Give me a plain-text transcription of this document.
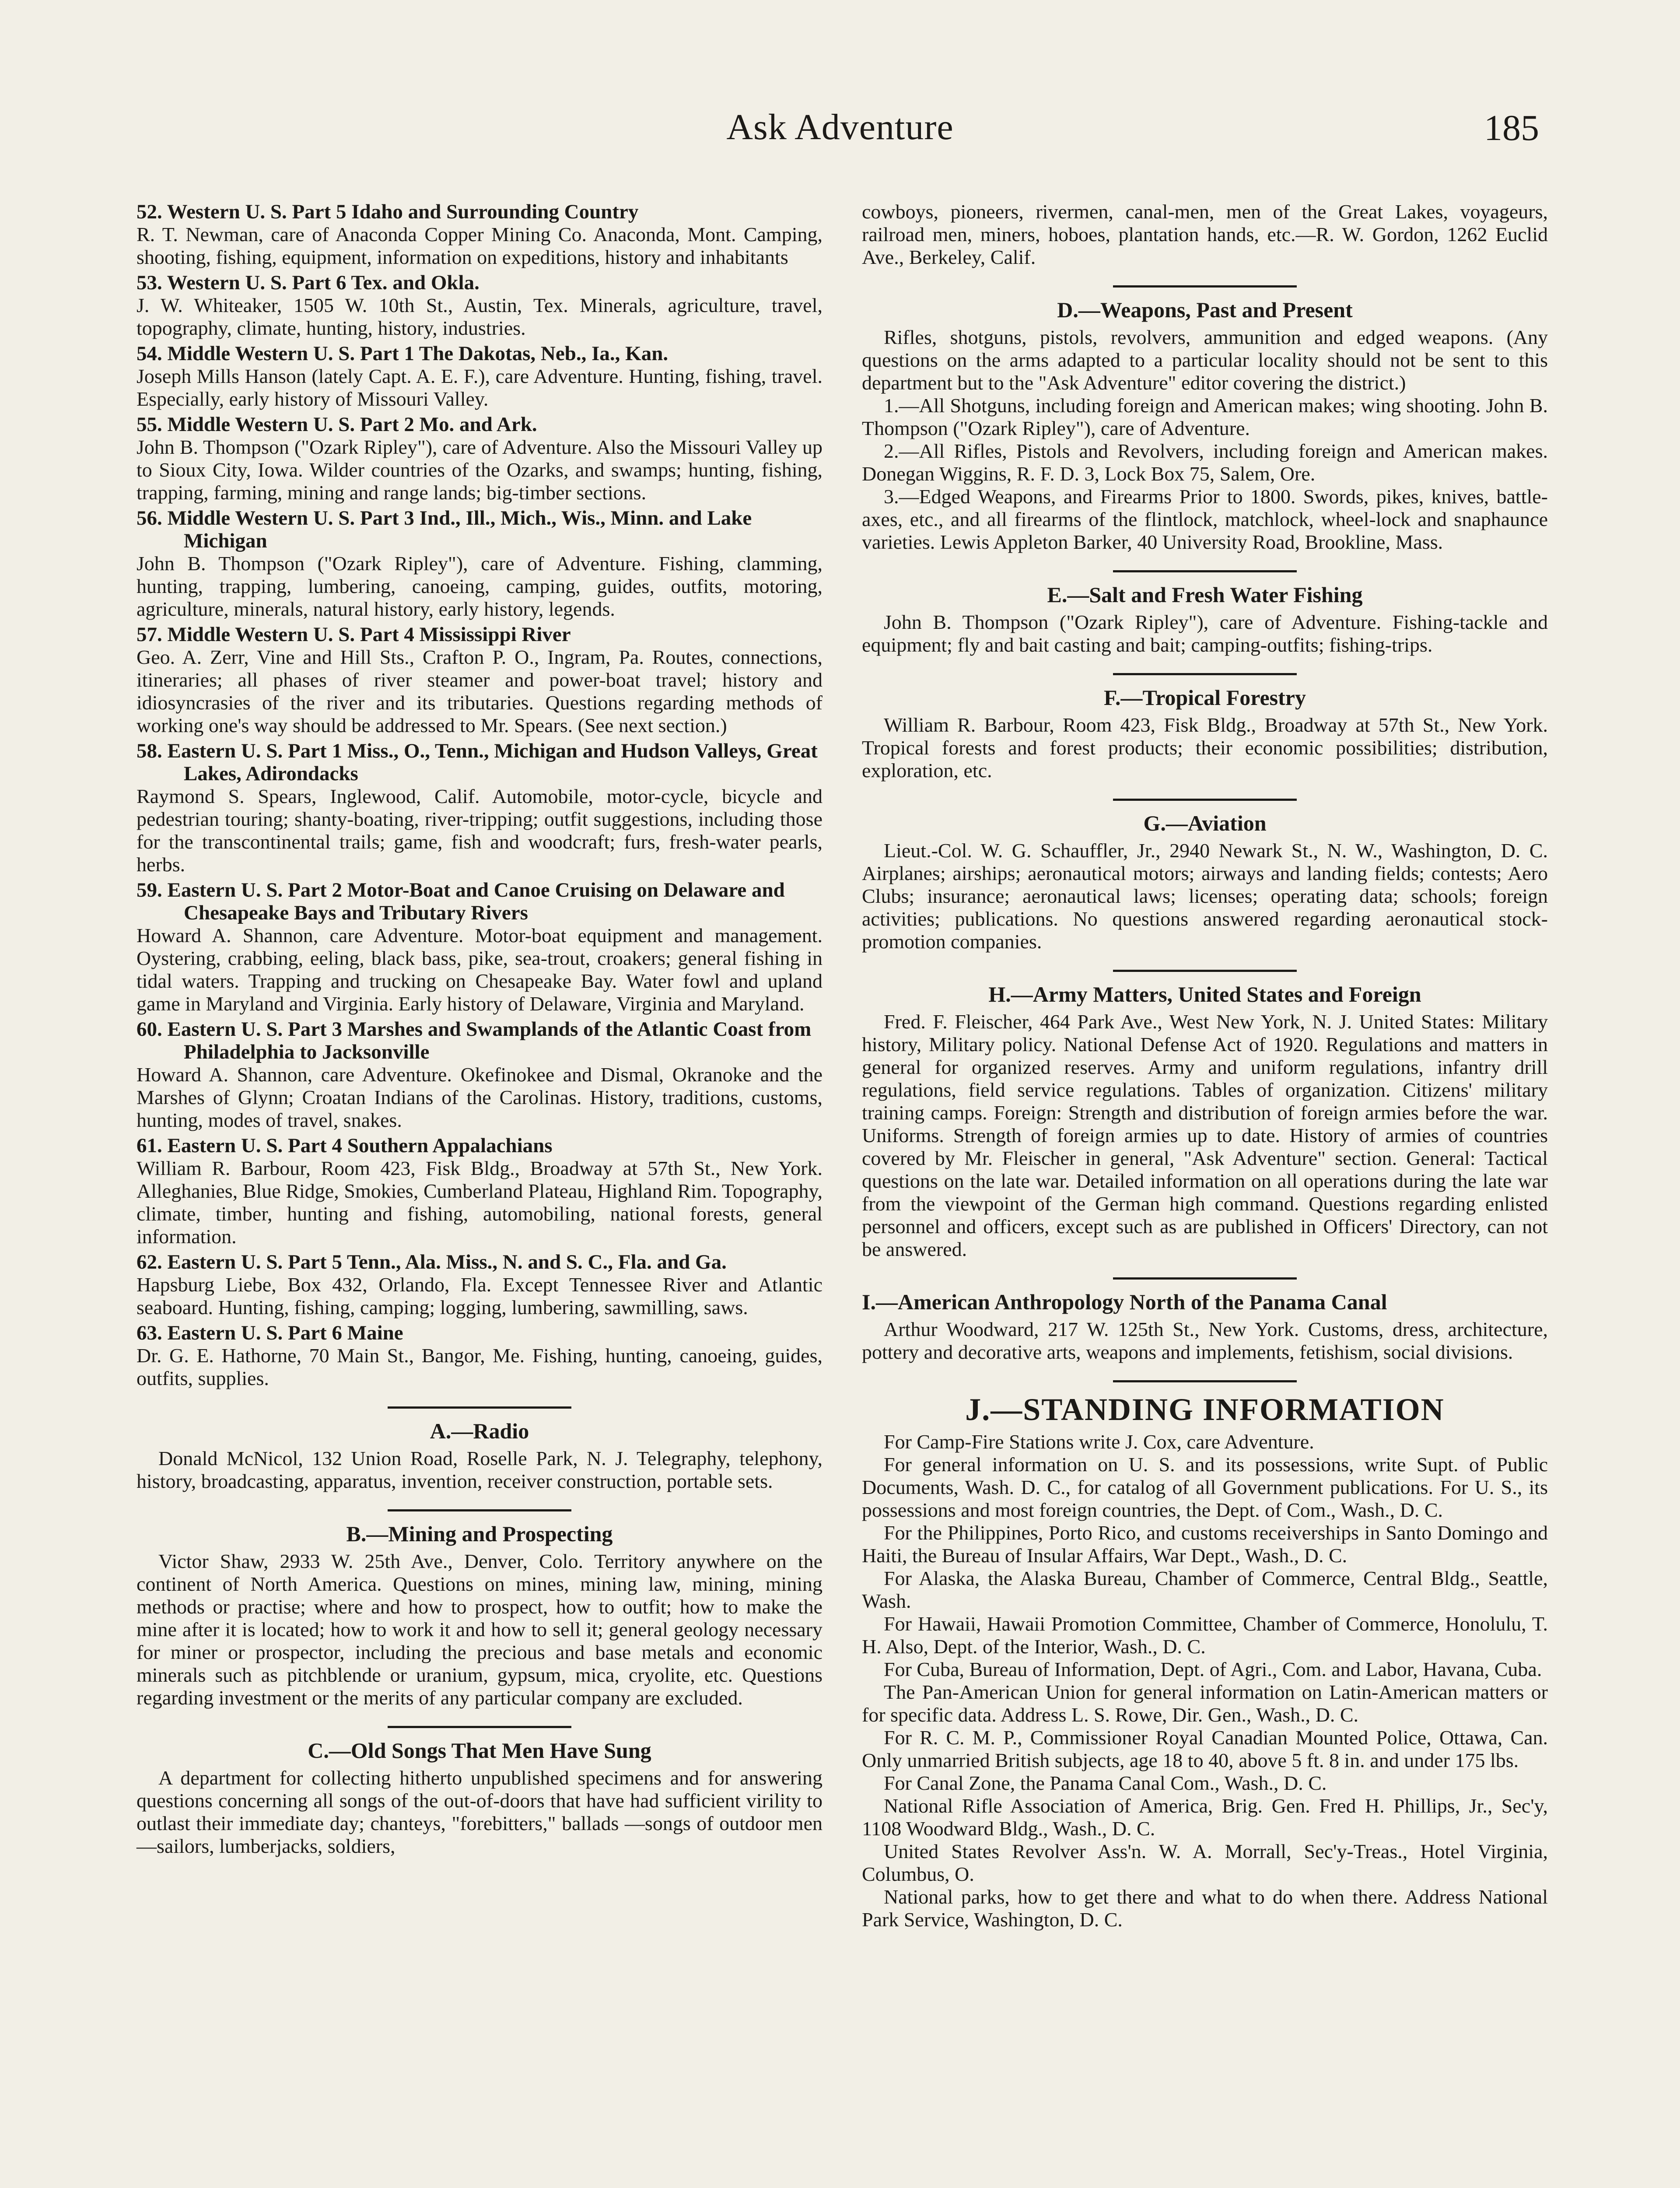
Ask Adventure	185
52. Western U. S. Part 5 Idaho and Surrounding Country

R. T. Newman, care of Anaconda Copper Mining Co. Anaconda, Mont. Camping, shooting, fishing, equipment, information on expeditions, history and inhabitants

53. Western U. S. Part 6 Tex. and Okla.

J. W. Whiteaker, 1505 W. 10th St., Austin, Tex. Minerals, agriculture, travel, topography, climate, hunting, history, industries.

54. Middle Western U. S. Part 1 The Dakotas, Neb., Ia., Kan.

Joseph Mills Hanson (lately Capt. A. E. F.), care Adventure. Hunting, fishing, travel. Especially, early history of Missouri Valley.

55. Middle Western U. S. Part 2 Mo. and Ark.

John B. Thompson ("Ozark Ripley"), care of Adventure. Also the Missouri Valley up to Sioux City, Iowa. Wilder countries of the Ozarks, and swamps; hunting, fishing, trapping, farming, mining and range lands; big-timber sections.

56. Middle Western U. S. Part 3 Ind., Ill., Mich., Wis., Minn. and Lake Michigan

John B. Thompson ("Ozark Ripley"), care of Adventure. Fishing, clamming, hunting, trapping, lumbering, canoeing, camping, guides, outfits, motoring, agriculture, minerals, natural history, early history, legends.

57. Middle Western U. S. Part 4 Mississippi River

Geo. A. Zerr, Vine and Hill Sts., Crafton P. O., Ingram, Pa. Routes, connections, itineraries; all phases of river steamer and power-boat travel; history and idiosyncrasies of the river and its tributaries. Questions regarding methods of working one's way should be addressed to Mr. Spears. (See next section.)

58. Eastern U. S. Part 1 Miss., O., Tenn., Michigan and Hudson Valleys, Great Lakes, Adirondacks

Raymond S. Spears, Inglewood, Calif. Automobile, motor-cycle, bicycle and pedestrian touring; shanty-boating, river-tripping; outfit suggestions, including those for the transcontinental trails; game, fish and woodcraft; furs, fresh-water pearls, herbs.

59. Eastern U. S. Part 2 Motor-Boat and Canoe Cruising on Delaware and Chesapeake Bays and Tributary Rivers

Howard A. Shannon, care Adventure. Motor-boat equipment and management. Oystering, crabbing, eeling, black bass, pike, sea-trout, croakers; general fishing in tidal waters. Trapping and trucking on Chesapeake Bay. Water fowl and upland game in Maryland and Virginia. Early history of Delaware, Virginia and Maryland.

60. Eastern U. S. Part 3 Marshes and Swamplands of the Atlantic Coast from Philadelphia to Jacksonville

Howard A. Shannon, care Adventure. Okefinokee and Dismal, Okranoke and the Marshes of Glynn; Croatan Indians of the Carolinas. History, traditions, customs, hunting, modes of travel, snakes.

61. Eastern U. S. Part 4 Southern Appalachians

William R. Barbour, Room 423, Fisk Bldg., Broadway at 57th St., New York. Alleghanies, Blue Ridge, Smokies, Cumberland Plateau, Highland Rim. Topography, climate, timber, hunting and fishing, automobiling, national forests, general information.

62. Eastern U. S. Part 5 Tenn., Ala. Miss., N. and S. C., Fla. and Ga.

Hapsburg Liebe, Box 432, Orlando, Fla. Except Tennessee River and Atlantic seaboard. Hunting, fishing, camping; logging, lumbering, sawmilling, saws.

63. Eastern U. S. Part 6 Maine

Dr. G. E. Hathorne, 70 Main St., Bangor, Me. Fishing, hunting, canoeing, guides, outfits, supplies.

A.—Radio

Donald McNicol, 132 Union Road, Roselle Park, N. J. Telegraphy, telephony, history, broadcasting, apparatus, invention, receiver construction, portable sets.

B.—Mining and Prospecting

Victor Shaw, 2933 W. 25th Ave., Denver, Colo. Territory anywhere on the continent of North America. Questions on mines, mining law, mining, mining methods or practise; where and how to prospect, how to outfit; how to make the mine after it is located; how to work it and how to sell it; general geology necessary for miner or prospector, including the precious and base metals and economic minerals such as pitchblende or uranium, gypsum, mica, cryolite, etc. Questions regarding investment or the merits of any particular company are excluded.

C.—Old Songs That Men Have Sung

A department for collecting hitherto unpublished specimens and for answering questions concerning all songs of the out-of-doors that have had sufficient virility to outlast their immediate day; chanteys, "forebitters," ballads —songs of outdoor men—sailors, lumberjacks, soldiers,

cowboys, pioneers, rivermen, canal-men, men of the Great Lakes, voyageurs, railroad men, miners, hoboes, plantation hands, etc.—R. W. Gordon, 1262 Euclid Ave., Berkeley, Calif.

D.—Weapons, Past and Present

Rifles, shotguns, pistols, revolvers, ammunition and edged weapons. (Any questions on the arms adapted to a particular locality should not be sent to this department but to the "Ask Adventure" editor covering the district.)

1.—All Shotguns, including foreign and American makes; wing shooting. John B. Thompson ("Ozark Ripley"), care of Adventure.

2.—All Rifles, Pistols and Revolvers, including foreign and American makes. Donegan Wiggins, R. F. D. 3, Lock Box 75, Salem, Ore.

3.—Edged Weapons, and Firearms Prior to 1800. Swords, pikes, knives, battle-axes, etc., and all firearms of the flintlock, matchlock, wheel-lock and snaphaunce varieties. Lewis Appleton Barker, 40 University Road, Brookline, Mass.

E.—Salt and Fresh Water Fishing

John B. Thompson ("Ozark Ripley"), care of Adventure. Fishing-tackle and equipment; fly and bait casting and bait; camping-outfits; fishing-trips.

F.—Tropical Forestry

William R. Barbour, Room 423, Fisk Bldg., Broadway at 57th St., New York. Tropical forests and forest products; their economic possibilities; distribution, exploration, etc.

G.—Aviation

Lieut.-Col. W. G. Schauffler, Jr., 2940 Newark St., N. W., Washington, D. C. Airplanes; airships; aeronautical motors; airways and landing fields; contests; Aero Clubs; insurance; aeronautical laws; licenses; operating data; schools; foreign activities; publications. No questions answered regarding aeronautical stock-promotion companies.

H.—Army Matters, United States and Foreign

Fred. F. Fleischer, 464 Park Ave., West New York, N. J. United States: Military history, Military policy. National Defense Act of 1920. Regulations and matters in general for organized reserves. Army and uniform regulations, infantry drill regulations, field service regulations. Tables of organization. Citizens' military training camps. Foreign: Strength and distribution of foreign armies before the war. Uniforms. Strength of foreign armies up to date. History of armies of countries covered by Mr. Fleischer in general, "Ask Adventure" section. General: Tactical questions on the late war. Detailed information on all operations during the late war from the viewpoint of the German high command. Questions regarding enlisted personnel and officers, except such as are published in Officers' Directory, can not be answered.

I.—American Anthropology North of the Panama Canal

Arthur Woodward, 217 W. 125th St., New York. Customs, dress, architecture, pottery and decorative arts, weapons and implements, fetishism, social divisions.

J.—STANDING INFORMATION

For Camp-Fire Stations write J. Cox, care Adventure.

For general information on U. S. and its possessions, write Supt. of Public Documents, Wash. D. C., for catalog of all Government publications. For U. S., its possessions and most foreign countries, the Dept. of Com., Wash., D. C.

For the Philippines, Porto Rico, and customs receiverships in Santo Domingo and Haiti, the Bureau of Insular Affairs, War Dept., Wash., D. C.

For Alaska, the Alaska Bureau, Chamber of Commerce, Central Bldg., Seattle, Wash.

For Hawaii, Hawaii Promotion Committee, Chamber of Commerce, Honolulu, T. H. Also, Dept. of the Interior, Wash., D. C.

For Cuba, Bureau of Information, Dept. of Agri., Com. and Labor, Havana, Cuba.

The Pan-American Union for general information on Latin-American matters or for specific data. Address L. S. Rowe, Dir. Gen., Wash., D. C.

For R. C. M. P., Commissioner Royal Canadian Mounted Police, Ottawa, Can. Only unmarried British subjects, age 18 to 40, above 5 ft. 8 in. and under 175 lbs.

For Canal Zone, the Panama Canal Com., Wash., D. C.

National Rifle Association of America, Brig. Gen. Fred H. Phillips, Jr., Sec'y, 1108 Woodward Bldg., Wash., D. C.

United States Revolver Ass'n. W. A. Morrall, Sec'y-Treas., Hotel Virginia, Columbus, O.

National parks, how to get there and what to do when there. Address National Park Service, Washington, D. C.
